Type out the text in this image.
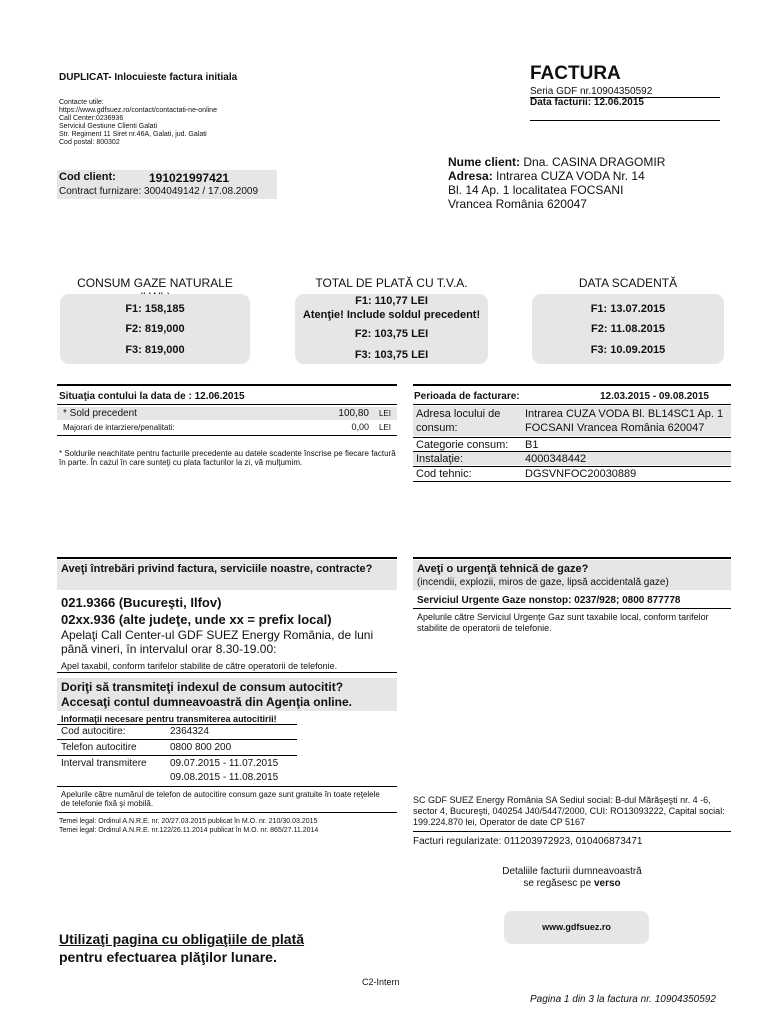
DUPLICAT- Inlocuieste factura initiala
Contacte utile:
https://www.gdfsuez.ro/contact/contactati-ne-online
Call Center:0236936
Serviciul Gestiune Clienti Galati
Str. Regiment 11 Siret nr.46A, Galati, jud. Galati
Cod postal: 800302
Cod client:	191021997421
Contract furnizare: 3004049142 / 17.08.2009
FACTURA
Seria GDF nr.10904350592
Data facturii: 12.06.2015
Nume client: Dna. CASINA DRAGOMIR
Adresa: Intrarea CUZA VODA Nr. 14
Bl. 14 Ap. 1 localitatea FOCSANI
Vrancea România 620047
CONSUM GAZE NATURALE
F1: 158,185
F2: 819,000
F3: 819,000
TOTAL DE PLATĂ CU T.V.A.
F1: 110,77 LEI
Atenţie! Include soldul precedent!
F2: 103,75 LEI
F3: 103,75 LEI
DATA SCADENTĂ
F1: 13.07.2015
F2: 11.08.2015
F3: 10.09.2015
Situaţia contului la data de : 12.06.2015
* Sold precedent	100,80 LEI
Majorari de intarziere/penalitati:	0,00 LEI
* Soldurile neachitate pentru facturile precedente au datele scadente înscrise pe fiecare factură în parte. În cazul în care sunteţi cu plata facturilor la zi, vă mulţumim.
Perioada de facturare:	12.03.2015 - 09.08.2015
Adresa locului de consum:
Intrarea CUZA VODA Bl. BL14SC1 Ap. 1 FOCSANI Vrancea România 620047
Categorie consum: B1
Instalaţie:	4000348442
Cod tehnic:	DGSVNFOC20030889
Aveţi întrebări privind factura, serviciile noastre, contracte?
021.9366 (Bucureşti, Ilfov)
02xx.936 (alte judeţe, unde xx = prefix local)
Apelaţi Call Center-ul GDF SUEZ Energy România, de luni până vineri, în intervalul orar 8.30-19.00:
Apel taxabil, conform tarifelor stabilite de către operatorii de telefonie.
Doriţi să transmiteţi indexul de consum autocitit?
Accesaţi contul dumneavoastră din Agenţia online.
Informaţii necesare pentru transmiterea autocitirii!
Cod autocitire:	2364324
Telefon autocitire	0800 800 200
Interval transmitere 09.07.2015 - 11.07.2015
09.08.2015 - 11.08.2015
Apelurile către numărul de telefon de autocitire consum gaze sunt gratuite în toate reţelele de telefonie fixă şi mobilă.
Temei legal: Ordinul A.N.R.E. nr. 20/27.03.2015 publicat în M.O. nr. 210/30.03.2015
Temei legal: Ordinul A.N.R.E. nr.122/26.11.2014 publicat în M.O. nr. 865/27.11.2014
Aveţi o urgenţă tehnică de gaze?
(incendii, explozii, miros de gaze, lipsă accidentală gaze)
Serviciul Urgente Gaze nonstop: 0237/928; 0800 877778
Apelurile către Serviciul Urgenţe Gaz sunt taxabile local, conform tarifelor stabilite de operatorii de telefonie.
SC GDF SUEZ Energy România SA Sediul social: B-dul Mărăşeşti nr. 4 -6, sector 4, Bucureşti, 040254 J40/5447/2000, CUI: RO13093222, Capital social: 199.224.870 lei, Operator de date CP 5167
Facturi regularizate: 011203972923, 010406873471
Detaliile facturii dumneavoastră
se regăsesc pe verso
www.gdfsuez.ro
Utilizaţi pagina cu obligaţiile de plată pentru efectuarea plăţilor lunare.
C2-Intern
Pagina 1 din 3 la factura nr. 10904350592
